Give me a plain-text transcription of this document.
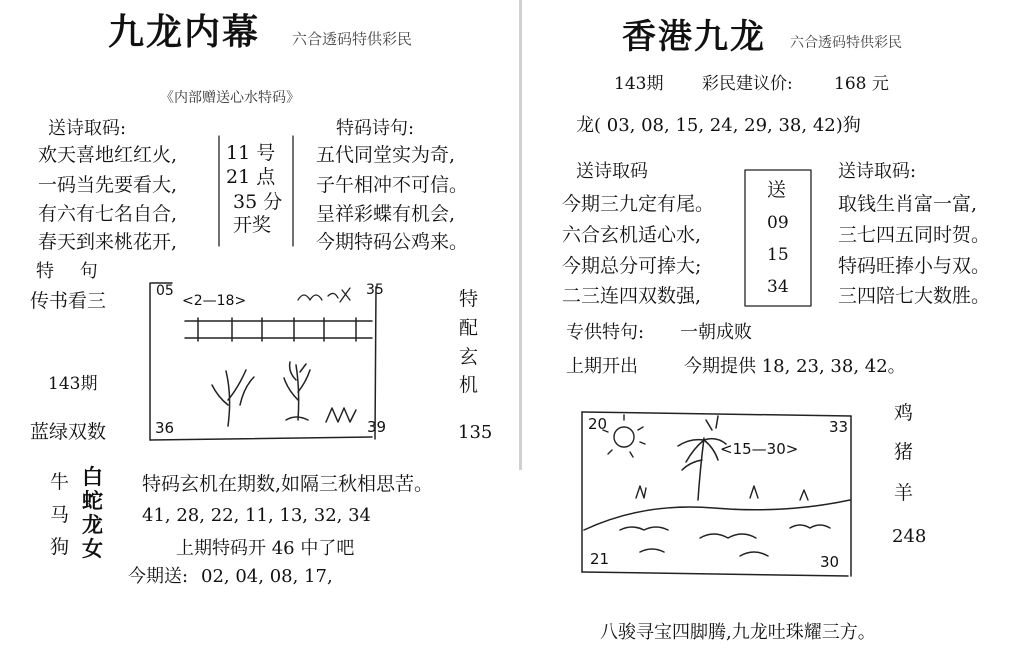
九龙内幕 六合透码特供彩民
《内部赠送心水特码》
送诗取码:
欢天喜地红红火,
一码当先要看大,
有六有七名自合,
春天到来桃花开,
11 号
21 点
35 分
开奖
特码诗句:
五代同堂实为奇,
子午相冲不可信。
呈祥彩蝶有机会,
今期特码公鸡来。
特 句
传书看三
143期
蓝绿双数
特
配
玄
机
135
05	35
36	39
<2—18>
牛
马
狗
白
蛇
龙
女
特码玄机在期数,如隔三秋相思苦。
41, 28, 22, 11, 13, 32, 34
上期特码开 46 中了吧
今期送: 02, 04, 08, 17,
香港九龙 六合透码特供彩民
143期 彩民建议价: 168 元
龙( 03, 08, 15, 24, 29, 38, 42)狗
送诗取码
今期三九定有尾。
六合玄机适心水,
今期总分可捧大;
二三连四双数强,
送
09
15
34
送诗取码:
取钱生肖富一富,
三七四五同时贺。
特码旺捧小与双。
三四陪七大数胜。
专供特句: 一朝成败
上期开出	今期提供 18, 23, 38, 42。
鸡
猪
羊
248
20	33
21	30
<15—30>
八骏寻宝四脚腾,九龙吐珠耀三方。
